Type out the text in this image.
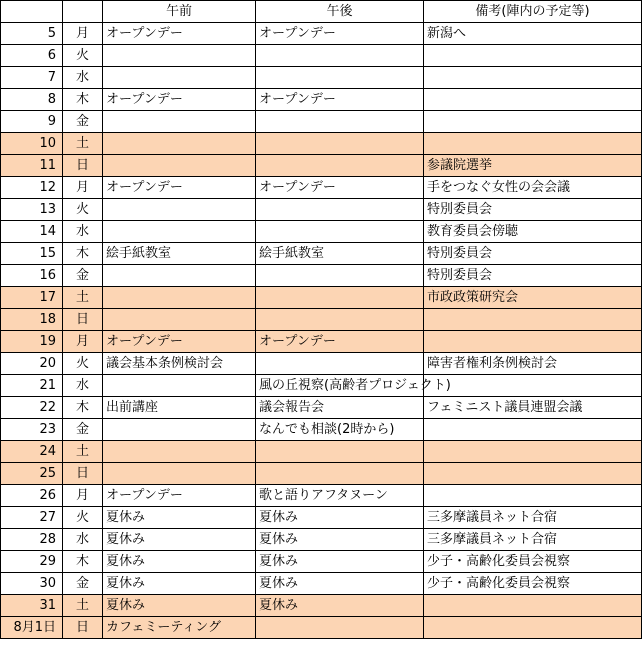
		午前	午後	備考(陣内の予定等)
5	月	オープンデー	オープンデー	新潟へ
6	火			
7	水			
8	木	オープンデー	オープンデー	
9	金			
10	土			
11	日			参議院選挙
12	月	オープンデー	オープンデー	手をつなぐ女性の会会議
13	火			特別委員会
14	水			教育委員会傍聴
15	木	絵手紙教室	絵手紙教室	特別委員会
16	金			特別委員会
17	土			市政政策研究会
18	日			
19	月	オープンデー	オープンデー	
20	火	議会基本条例検討会		障害者権利条例検討会
21	水		風の丘視察(高齢者プロジェクト)	
22	木	出前講座	議会報告会	フェミニスト議員連盟会議
23	金		なんでも相談(2時から)	
24	土			
25	日			
26	月	オープンデー	歌と語りアフタヌーン	
27	火	夏休み	夏休み	三多摩議員ネット合宿
28	水	夏休み	夏休み	三多摩議員ネット合宿
29	木	夏休み	夏休み	少子・高齢化委員会視察
30	金	夏休み	夏休み	少子・高齢化委員会視察
31	土	夏休み	夏休み	
8月1日	日	カフェミーティング		
